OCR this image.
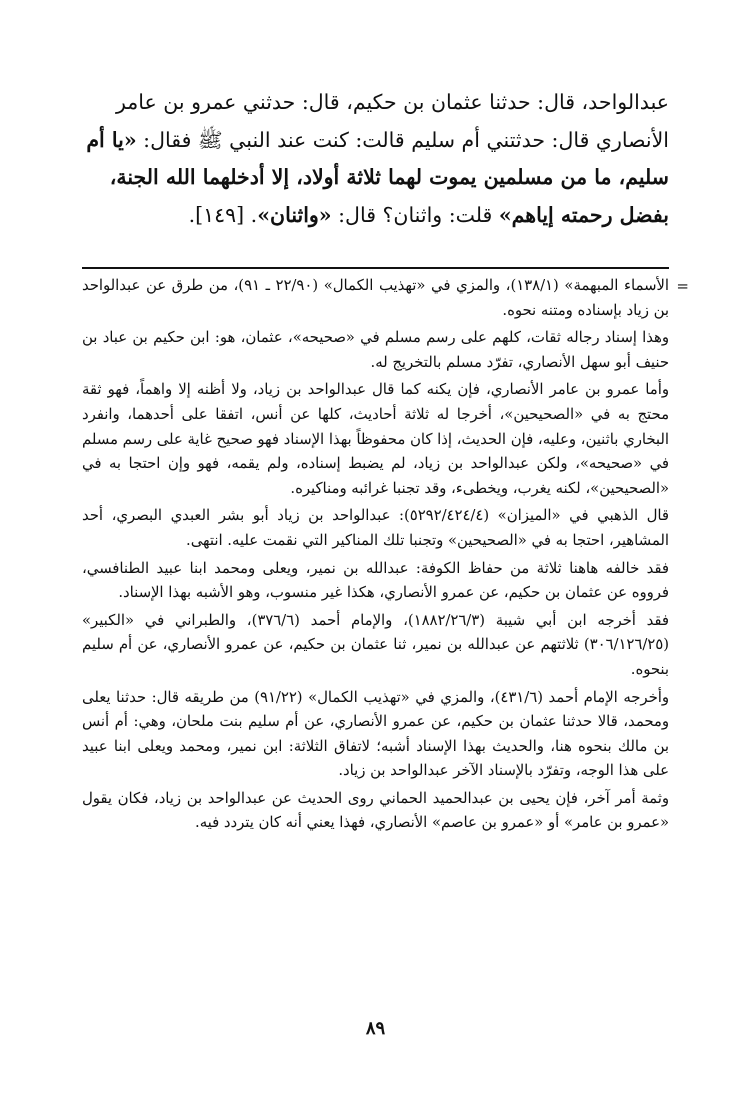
عبدالواحد، قال: حدثنا عثمان بن حكيم، قال: حدثني عمرو بن عامر

الأنصاري قال: حدثتني أم سليم قالت: كنت عند النبي ﷺ فقال: «يا أم

سليم، ما من مسلمين يموت لهما ثلاثة أولاد، إلا أدخلهما الله الجنة،

بفضل رحمته إياهم» قلت: واثنان؟ قال: «واثنان». [١٤٩].

=

الأسماء المبهمة» (١٣٨/١)، والمزي في «تهذيب الكمال» (٢٢/٩٠ ـ ٩١)، من طرق عن عبدالواحد بن زياد بإسناده ومتنه نحوه.

وهذا إسناد رجاله ثقات، كلهم على رسم مسلم في «صحيحه»، عثمان، هو: ابن حكيم بن عباد بن حنيف أبو سهل الأنصاري، تفرّد مسلم بالتخريج له.

وأما عمرو بن عامر الأنصاري، فإن يكنه كما قال عبدالواحد بن زياد، ولا أظنه إلا واهماً، فهو ثقة محتج به في «الصحيحين»، أخرجا له ثلاثة أحاديث، كلها عن أنس، اتفقا على أحدهما، وانفرد البخاري باثنين، وعليه، فإن الحديث، إذا كان محفوظاً بهذا الإسناد فهو صحيح غاية على رسم مسلم في «صحيحه»، ولكن عبدالواحد بن زياد، لم يضبط إسناده، ولم يقمه، فهو وإن احتجا به في «الصحيحين»، لكنه يغرب، ويخطىء، وقد تجنبا غرائبه ومناكيره.

قال الذهبي في «الميزان» (٥٢٩٢/٤٢٤/٤): عبدالواحد بن زياد أبو بشر العبدي البصري، أحد المشاهير، احتجا به في «الصحيحين» وتجنبا تلك المناكير التي نقمت عليه. انتهى.

فقد خالفه هاهنا ثلاثة من حفاظ الكوفة: عبدالله بن نمير، ويعلى ومحمد ابنا عبيد الطنافسي، فرووه عن عثمان بن حكيم، عن عمرو الأنصاري، هكذا غير منسوب، وهو الأشبه بهذا الإسناد.

فقد أخرجه ابن أبي شيبة (١٨٨٢/٢٦/٣)، والإمام أحمد (٣٧٦/٦)، والطبراني في «الكبير» (٣٠٦/١٢٦/٢٥) ثلاثتهم عن عبدالله بن نمير، ثنا عثمان بن حكيم، عن عمرو الأنصاري، عن أم سليم بنحوه.

وأخرجه الإمام أحمد (٤٣١/٦)، والمزي في «تهذيب الكمال» (٩١/٢٢) من طريقه قال: حدثنا يعلى ومحمد، قالا حدثنا عثمان بن حكيم، عن عمرو الأنصاري، عن أم سليم بنت ملحان، وهي: أم أنس بن مالك بنحوه هنا، والحديث بهذا الإسناد أشبه؛ لاتفاق الثلاثة: ابن نمير، ومحمد ويعلى ابنا عبيد على هذا الوجه، وتفرّد بالإسناد الآخر عبدالواحد بن زياد.

وثمة أمر آخر، فإن يحيى بن عبدالحميد الحماني روى الحديث عن عبدالواحد بن زياد، فكان يقول «عمرو بن عامر» أو «عمرو بن عاصم» الأنصاري، فهذا يعني أنه كان يتردد فيه.

٨٩
